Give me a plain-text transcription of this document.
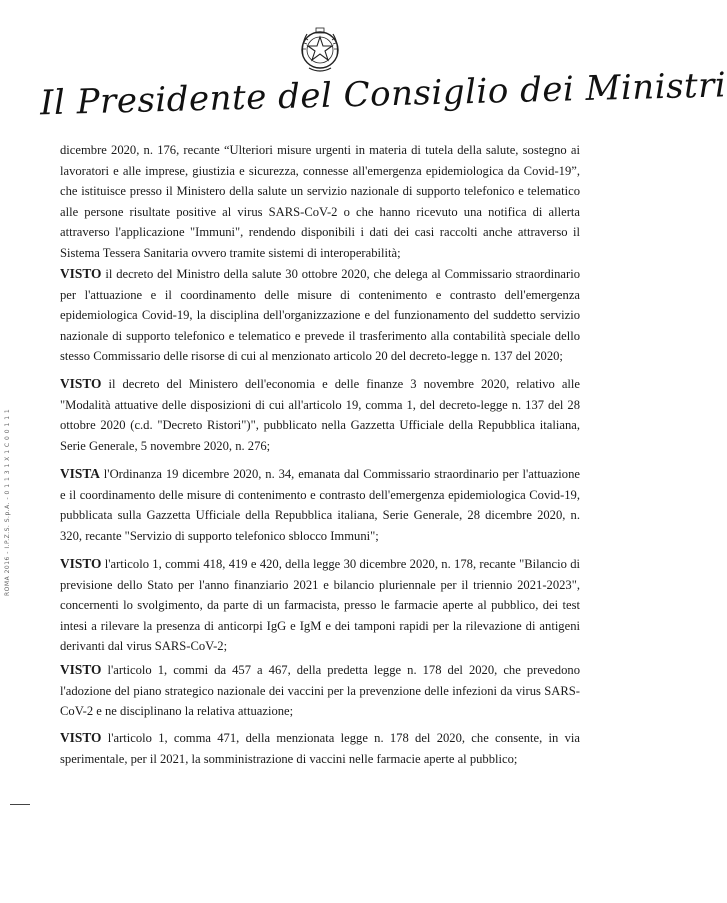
Il Presidente del Consiglio dei Ministri

dicembre 2020, n. 176, recante “Ulteriori misure urgenti in materia di tutela della salute, sostegno ai lavoratori e alle imprese, giustizia e sicurezza, connesse all'emergenza epidemiologica da Covid-19”, che istituisce presso il Ministero della salute un servizio nazionale di supporto telefonico e telematico alle persone risultate positive al virus SARS-CoV-2 o che hanno ricevuto una notifica di allerta attraverso l'applicazione "Immuni", rendendo disponibili i dati dei casi raccolti anche attraverso il Sistema Tessera Sanitaria ovvero tramite sistemi di interoperabilità;

VISTO il decreto del Ministro della salute 30 ottobre 2020, che delega al Commissario straordinario per l'attuazione e il coordinamento delle misure di contenimento e contrasto dell'emergenza epidemiologica Covid-19, la disciplina dell'organizzazione e del funzionamento del suddetto servizio nazionale di supporto telefonico e telematico e prevede il trasferimento alla contabilità speciale dello stesso Commissario delle risorse di cui al menzionato articolo 20 del decreto-legge n. 137 del 2020;

VISTO il decreto del Ministero dell'economia e delle finanze 3 novembre 2020, relativo alle "Modalità attuative delle disposizioni di cui all'articolo 19, comma 1, del decreto-legge n. 137 del 28 ottobre 2020 (c.d. "Decreto Ristori")", pubblicato nella Gazzetta Ufficiale della Repubblica italiana, Serie Generale, 5 novembre 2020, n. 276;

VISTA l'Ordinanza 19 dicembre 2020, n. 34, emanata dal Commissario straordinario per l'attuazione e il coordinamento delle misure di contenimento e contrasto dell'emergenza epidemiologica Covid-19, pubblicata sulla Gazzetta Ufficiale della Repubblica italiana, Serie Generale, 28 dicembre 2020, n. 320, recante "Servizio di supporto telefonico sblocco Immuni";

VISTO l'articolo 1, commi 418, 419 e 420, della legge 30 dicembre 2020, n. 178, recante "Bilancio di previsione dello Stato per l'anno finanziario 2021 e bilancio pluriennale per il triennio 2021-2023", concernenti lo svolgimento, da parte di un farmacista, presso le farmacie aperte al pubblico, dei test intesi a rilevare la presenza di anticorpi IgG e IgM e dei tamponi rapidi per la rilevazione di antigeni derivanti dal virus SARS-CoV-2;

VISTO l'articolo 1, commi da 457 a 467, della predetta legge n. 178 del 2020, che prevedono l'adozione del piano strategico nazionale dei vaccini per la prevenzione delle infezioni da virus SARS-CoV-2 e ne disciplinano la relativa attuazione;

VISTO l'articolo 1, comma 471, della menzionata legge n. 178 del 2020, che consente, in via sperimentale, per il 2021, la somministrazione di vaccini nelle farmacie aperte al pubblico;

ROMA 2016 - I.P.Z.S. S.p.A. - 0 1 1 3 1 X 1 C 0 0 1 1 1
